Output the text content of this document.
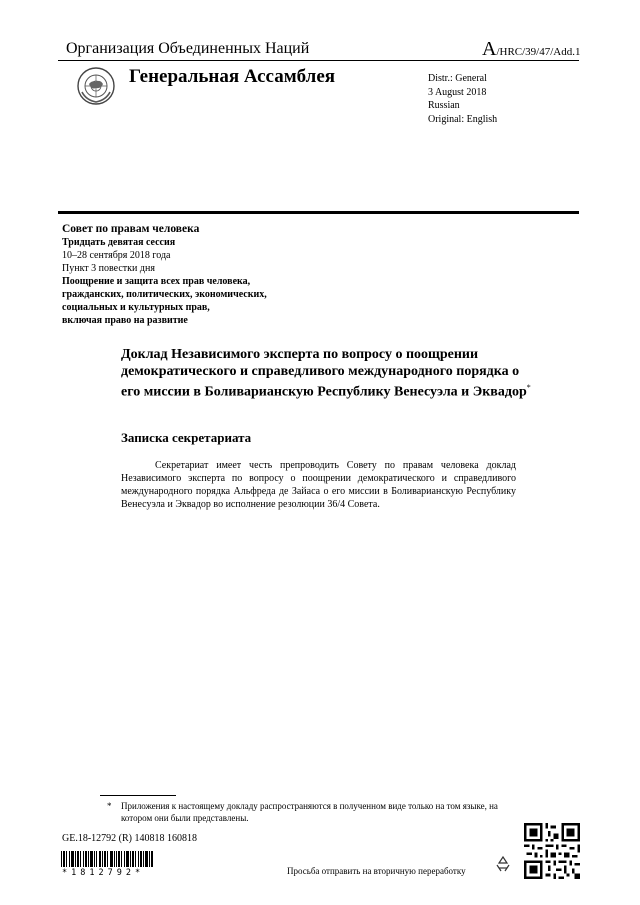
Организация Объединенных Наций	A/HRC/39/47/Add.1
Генеральная Ассамблея	Distr.: General
3 August 2018
Russian
Original: English
Совет по правам человека
Тридцать девятая сессия
10–28 сентября 2018 года
Пункт 3 повестки дня
Поощрение и защита всех прав человека,
гражданских, политических, экономических,
социальных и культурных прав,
включая право на развитие
Доклад Независимого эксперта по вопросу о поощрении демократического и справедливого международного порядка о его миссии в Боливарианскую Республику Венесуэла и Эквадор*
Записка секретариата
Секретариат имеет честь препроводить Совету по правам человека доклад Независимого эксперта по вопросу о поощрении демократического и справедливого международного порядка Альфреда де Зайаса о его миссии в Боливарианскую Республику Венесуэла и Эквадор во исполнение резолюции 36/4 Совета.
* Приложения к настоящему докладу распространяются в полученном виде только на том языке, на котором они были представлены.
GE.18-12792 (R) 140818 160818
*1812792*	Просьба отправить на вторичную переработку
